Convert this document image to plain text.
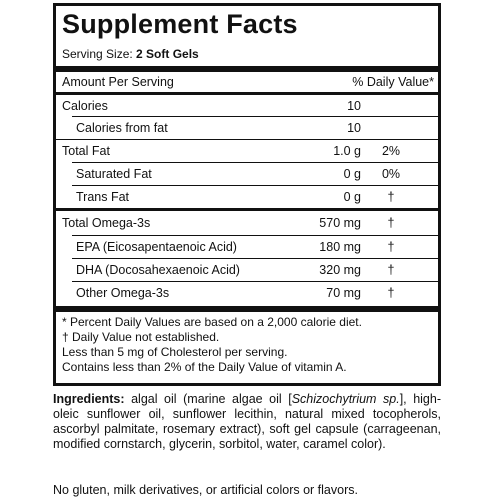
Supplement Facts
Serving Size: 2 Soft Gels
Amount Per Serving	% Daily Value*
Calories	10
Calories from fat	10
Total Fat	1.0 g	2%
Saturated Fat	0 g	0%
Trans Fat	0 g	†
Total Omega-3s	570 mg	†
EPA (Eicosapentaenoic Acid)	180 mg	†
DHA (Docosahexaenoic Acid)	320 mg	†
Other Omega-3s	70 mg	†
* Percent Daily Values are based on a 2,000 calorie diet.
† Daily Value not established.
Less than 5 mg of Cholesterol per serving.
Contains less than 2% of the Daily Value of vitamin A.
Ingredients: algal oil (marine algae oil [Schizochytrium sp.], high-oleic sunflower oil, sunflower lecithin, natural mixed tocopherols, ascorbyl palmitate, rosemary extract), soft gel capsule (carrageenan, modified cornstarch, glycerin, sorbitol, water, caramel color).
No gluten, milk derivatives, or artificial colors or flavors.
